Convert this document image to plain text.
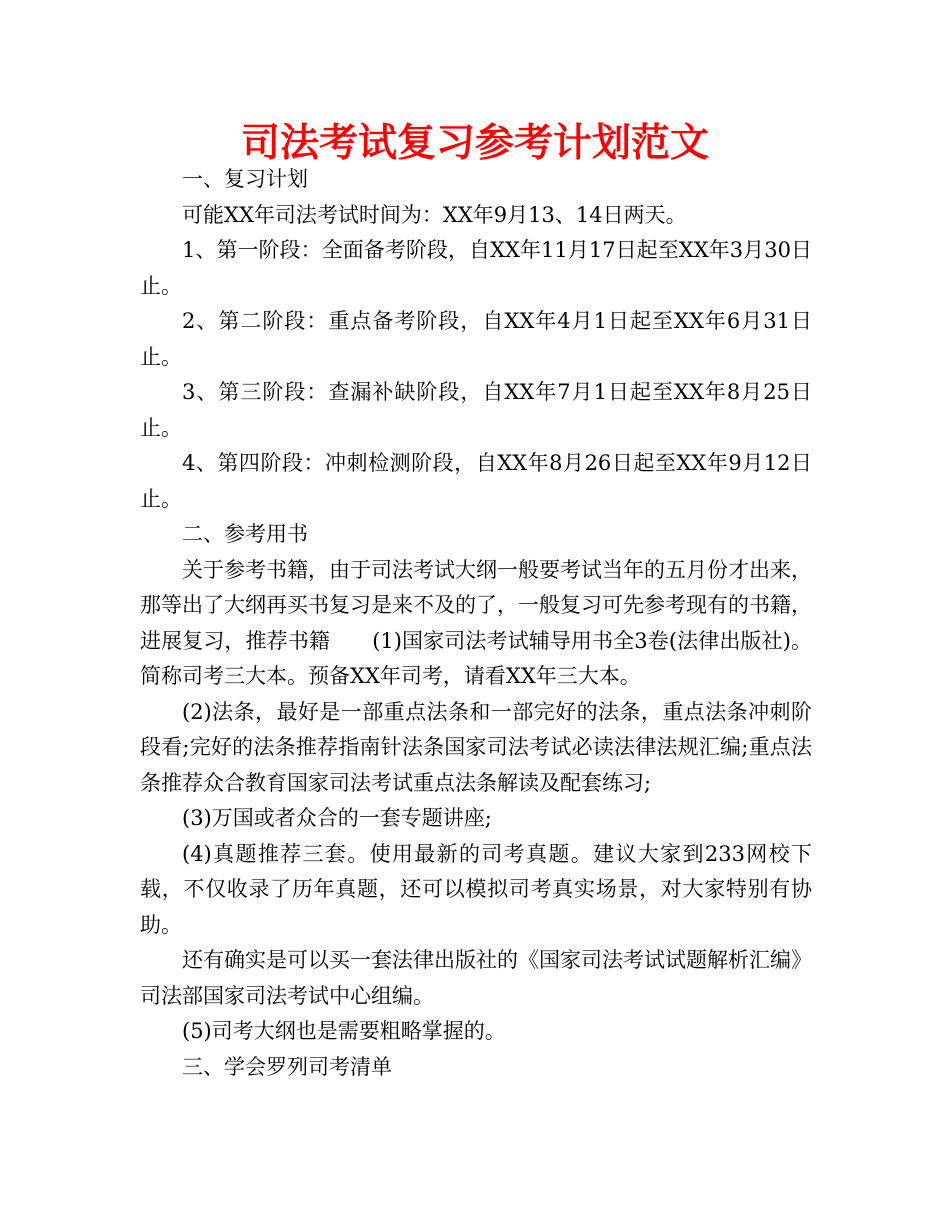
司法考试复习参考计划范文

一、复习计划

可能XX年司法考试时间为：XX年9月13、14日两天。

1、第一阶段：全面备考阶段，自XX年11月17日起至XX年3月30日止。

2、第二阶段：重点备考阶段，自XX年4月1日起至XX年6月31日止。

3、第三阶段：查漏补缺阶段，自XX年7月1日起至XX年8月25日止。

4、第四阶段：冲刺检测阶段，自XX年8月26日起至XX年9月12日止。

二、参考用书

关于参考书籍，由于司法考试大纲一般要考试当年的五月份才出来，那等出了大纲再买书复习是来不及的了，一般复习可先参考现有的书籍，进展复习，推荐书籍　　(1)国家司法考试辅导用书全3卷(法律出版社)。简称司考三大本。预备XX年司考，请看XX年三大本。

(2)法条，最好是一部重点法条和一部完好的法条，重点法条冲刺阶段看;完好的法条推荐指南针法条国家司法考试必读法律法规汇编;重点法条推荐众合教育国家司法考试重点法条解读及配套练习;

(3)万国或者众合的一套专题讲座;

(4)真题推荐三套。使用最新的司考真题。建议大家到233网校下载，不仅收录了历年真题，还可以模拟司考真实场景，对大家特别有协助。

还有确实是可以买一套法律出版社的《国家司法考试试题解析汇编》司法部国家司法考试中心组编。

(5)司考大纲也是需要粗略掌握的。

三、学会罗列司考清单
